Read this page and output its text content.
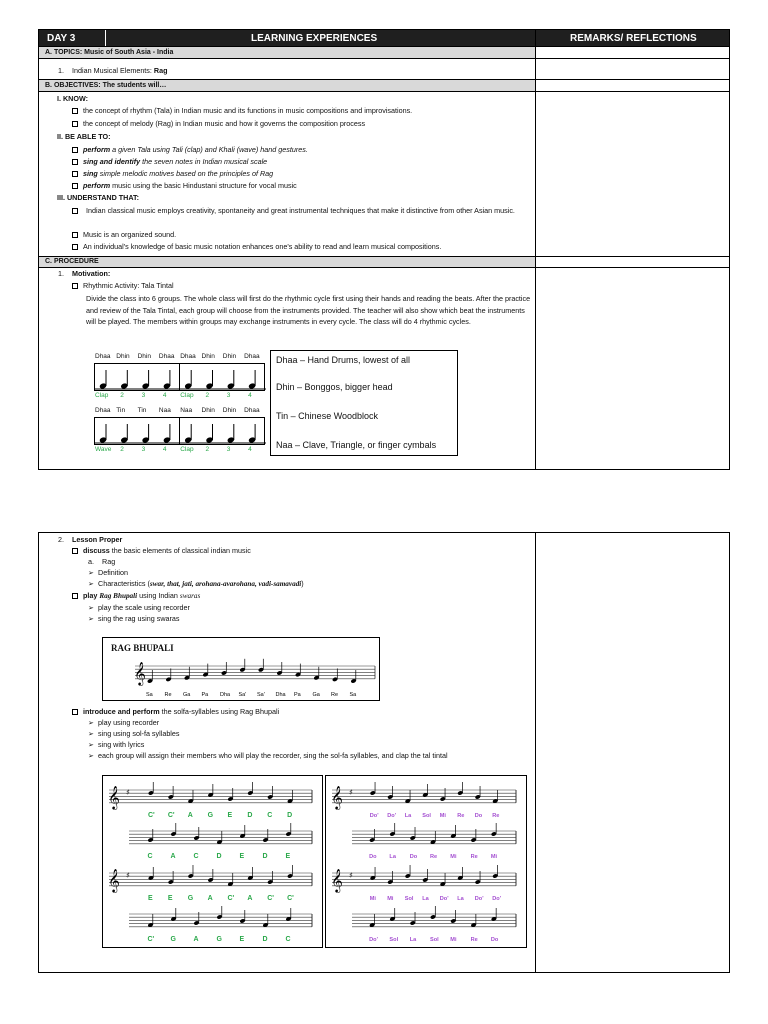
DAY 3	LEARNING EXPERIENCES	REMARKS/ REFLECTIONS
A. TOPICS: Music of South Asia - India
1. Indian Musical Elements: Rag
B. OBJECTIVES: The students will…
I. KNOW:
the concept of rhythm (Tala) in Indian music and its functions in music compositions and improvisations.
the concept of melody (Rag) in Indian music and how it governs the composition process
II. BE ABLE TO:
perform a given Tala using Tali (clap) and Khali (wave) hand gestures.
sing and identify the seven notes in Indian musical scale
sing simple melodic motives based on the principles of Rag
perform music using the basic Hindustani structure for vocal music
III. UNDERSTAND THAT:
Indian classical music employs creativity, spontaneity and great instrumental techniques that make it distinctive from other Asian music.
Music is an organized sound.
An individual's knowledge of basic music notation enhances one's ability to read and learn musical compositions.
C. PROCEDURE
1. Motivation:
Rhythmic Activity: Tala Tintal
Divide the class into 6 groups. The whole class will first do the rhythmic cycle first using their hands and reading the beats. After the practice and review of the Tala Tintal, each group will choose from the instruments provided. The teacher will also show which beat the instruments will be played. The members within groups may exchange instruments in every cycle. The class will do 4 rhythmic cycles.
Dhaa – Hand Drums, lowest of all
Dhin – Bonggos, bigger head
Tin – Chinese Woodblock
Naa – Clave, Triangle, or finger cymbals
2. Lesson Proper
discuss the basic elements of classical indian music
a. Rag
➢ Definition
➢ Characteristics (swar, that, jati, arohana-avarohana, vadi-samavadi)
play Rag Bhupali using Indian swaras
➢ play the scale using recorder
➢ sing the rag using swaras
RAG BHUPALI
𝄞
Sa Re Ga Pa Dha Sa' Sa' Dha Pa Ga Re Sa
introduce and perform the solfa-syllables using Rag Bhupali
➢ play using recorder
➢ sing using sol-fa syllables
➢ sing with lyrics
➢ each group will assign their members who will play the recorder, sing the sol-fa syllables, and clap the tal tintal
𝄞 ♯
C' C' A G E D C D
C	A	C	D	E	D	E
𝄞 ♯
E E G A C' A C' C'
C' G	A	G	E	D	C
𝄞 ♯
Do' Do' La Sol Mi Re Do Re
Do La Do Re Mi	Re Mi
𝄞 ♯
Mi Mi Sol La Do' La Do' Do'
Do' Sol La Sol Mi	Re Do
Dhaa Dhin Dhin Dhaa Dhaa Dhin Dhin Dhaa
Clap 2	3	4 Clap 2	3	4
Dhaa Tin Tin Naa Naa Dhin Dhin Dhaa
Wave 2	3	4 Clap 2	3	4
